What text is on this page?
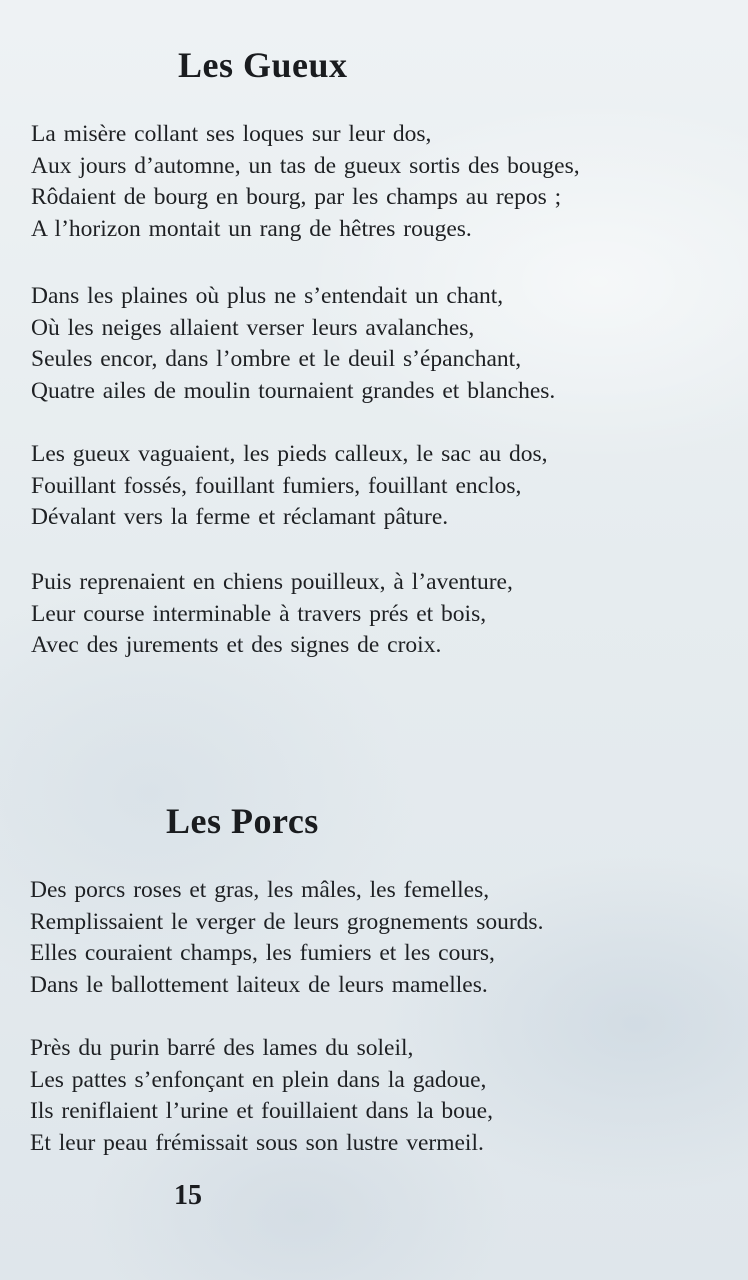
Les Gueux
La misère collant ses loques sur leur dos,
Aux jours d’automne, un tas de gueux sortis des bouges,
Rôdaient de bourg en bourg, par les champs au repos ;
A l’horizon montait un rang de hêtres rouges.
Dans les plaines où plus ne s’entendait un chant,
Où les neiges allaient verser leurs avalanches,
Seules encor, dans l’ombre et le deuil s’épanchant,
Quatre ailes de moulin tournaient grandes et blanches.
Les gueux vaguaient, les pieds calleux, le sac au dos,
Fouillant fossés, fouillant fumiers, fouillant enclos,
Dévalant vers la ferme et réclamant pâture.
Puis reprenaient en chiens pouilleux, à l’aventure,
Leur course interminable à travers prés et bois,
Avec des jurements et des signes de croix.
Les Porcs
Des porcs roses et gras, les mâles, les femelles,
Remplissaient le verger de leurs grognements sourds.
Elles couraient champs, les fumiers et les cours,
Dans le ballottement laiteux de leurs mamelles.
Près du purin barré des lames du soleil,
Les pattes s’enfonçant en plein dans la gadoue,
Ils reniflaient l’urine et fouillaient dans la boue,
Et leur peau frémissait sous son lustre vermeil.
15
